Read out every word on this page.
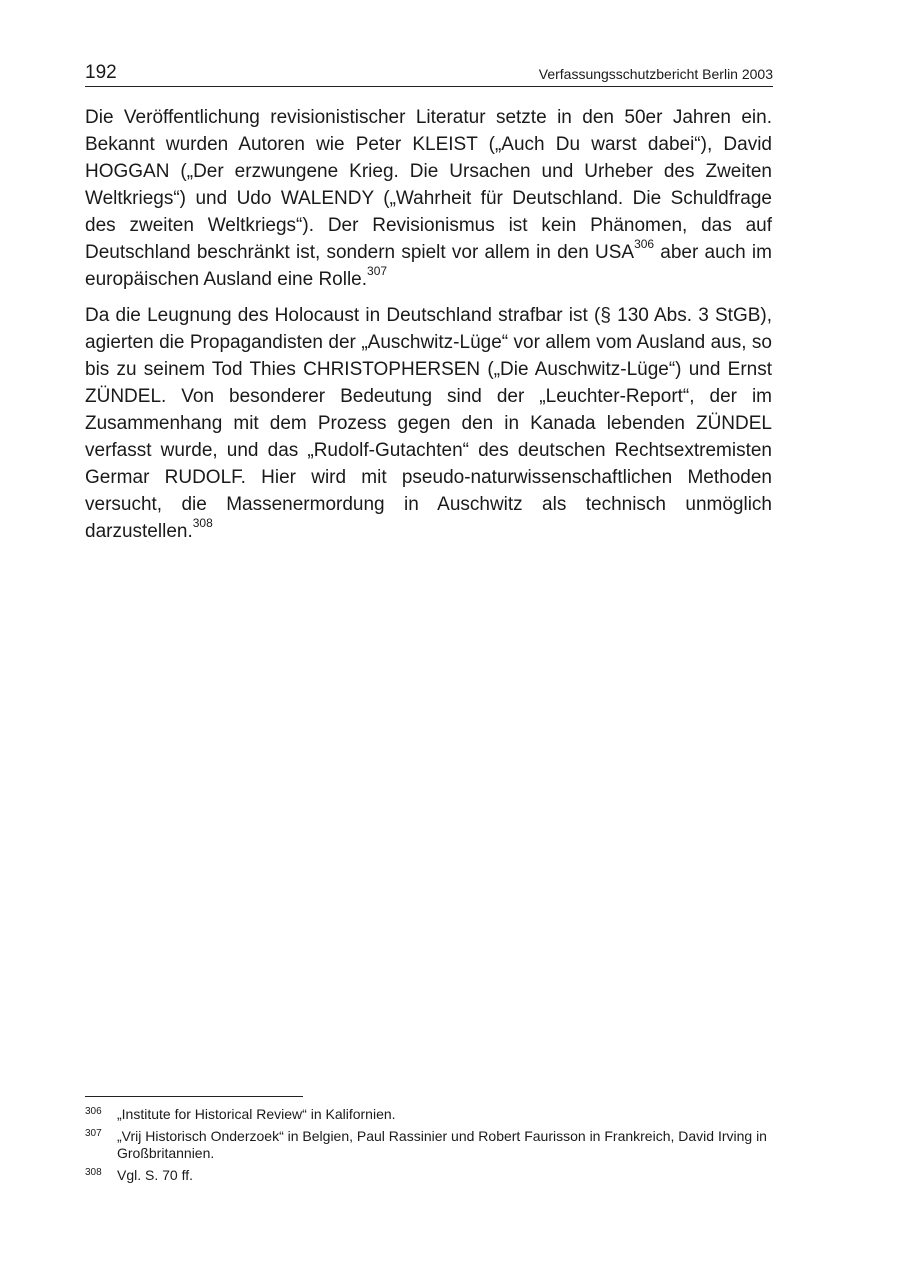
192	Verfassungsschutzbericht Berlin 2003

Die Veröffentlichung revisionistischer Literatur setzte in den 50er Jahren ein. Bekannt wurden Autoren wie Peter KLEIST („Auch Du warst dabei“), David HOGGAN („Der erzwungene Krieg. Die Ursachen und Urheber des Zweiten Weltkriegs“) und Udo WALENDY („Wahrheit für Deutschland. Die Schuldfrage des zweiten Weltkriegs“). Der Revisionismus ist kein Phänomen, das auf Deutschland beschränkt ist, sondern spielt vor allem in den USA$^{306}$ aber auch im europäischen Ausland eine Rolle.$^{307}$

Da die Leugnung des Holocaust in Deutschland strafbar ist (§ 130 Abs. 3 StGB), agierten die Propagandisten der „Auschwitz-Lüge“ vor allem vom Ausland aus, so bis zu seinem Tod Thies CHRISTOPHERSEN („Die Auschwitz-Lüge“) und Ernst ZÜNDEL. Von besonderer Bedeutung sind der „Leuchter-Report“, der im Zusammenhang mit dem Prozess gegen den in Kanada lebenden ZÜNDEL verfasst wurde, und das „Rudolf-Gutachten“ des deutschen Rechtsextremisten Germar RUDOLF. Hier wird mit pseudo-naturwissenschaftlichen Methoden versucht, die Massenermordung in Auschwitz als technisch unmöglich darzustellen.$^{308}$

306	„Institute for Historical Review“ in Kalifornien.
307	„Vrij Historisch Onderzoek“ in Belgien, Paul Rassinier und Robert Faurisson in Frankreich, David Irving in Großbritannien.
308	Vgl. S. 70 ff.
